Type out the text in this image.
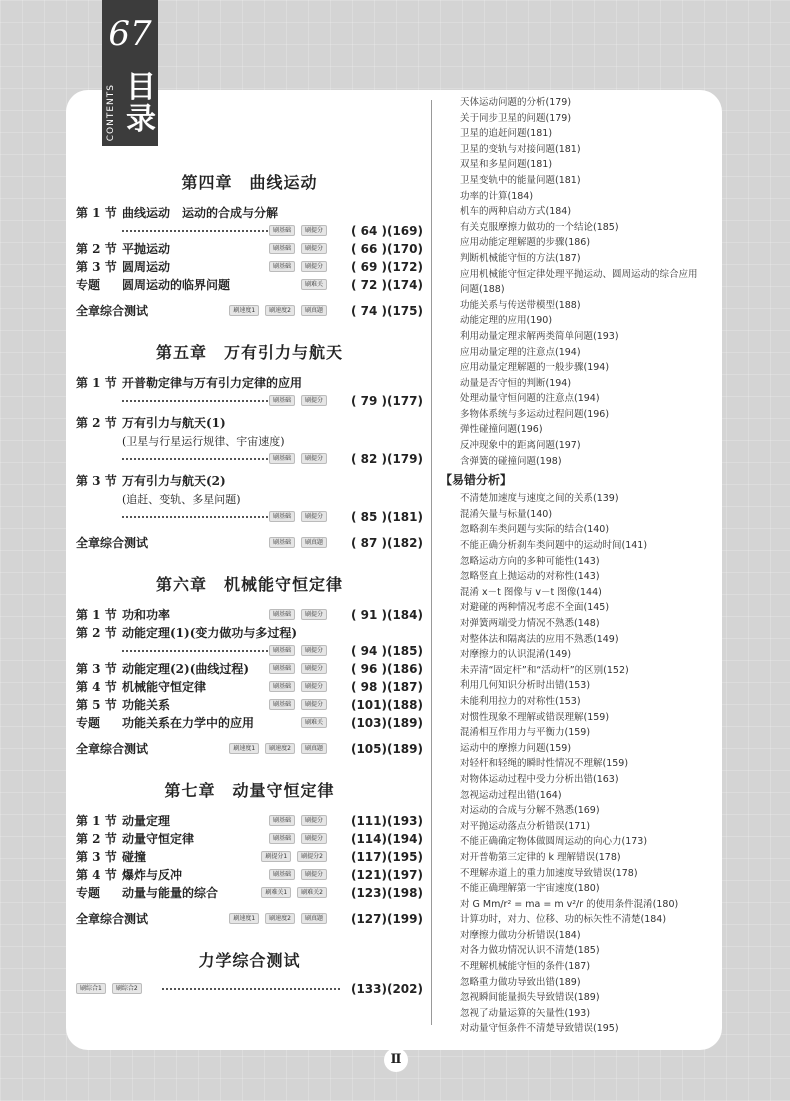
67
CONTENTS 目录
第四章　曲线运动
第 1 节 曲线运动　运动的合成与分解
刷基础 刷提分	( 64 )(169)
第 2 节 平抛运动	刷基础 刷提分	( 66 )(170)
第 3 节 圆周运动	刷基础 刷提分	( 69 )(172)
专题 圆周运动的临界问题	刷难关	( 72 )(174)
全章综合测试	刷速度1 刷速度2 刷真题	( 74 )(175)
第五章　万有引力与航天
第 1 节 开普勒定律与万有引力定律的应用
刷基础 刷提分	( 79 )(177)
第 2 节 万有引力与航天(1)
(卫星与行星运行规律、宇宙速度)
刷基础 刷提分	( 82 )(179)
第 3 节 万有引力与航天(2)
(追赶、变轨、多星问题)
刷基础 刷提分	( 85 )(181)
全章综合测试	刷基础 刷真题	( 87 )(182)
第六章　机械能守恒定律
第 1 节 功和功率	刷基础 刷提分	( 91 )(184)
第 2 节 动能定理(1)(变力做功与多过程)
刷基础 刷提分	( 94 )(185)
第 3 节 动能定理(2)(曲线过程)	刷基础 刷提分	( 96 )(186)
第 4 节 机械能守恒定律	刷基础 刷提分	( 98 )(187)
第 5 节 功能关系	刷基础 刷提分	(101)(188)
专题 功能关系在力学中的应用	刷难关	(103)(189)
全章综合测试	刷速度1 刷速度2 刷真题	(105)(189)
第七章　动量守恒定律
第 1 节 动量定理	刷基础 刷提分	(111)(193)
第 2 节 动量守恒定律	刷基础 刷提分	(114)(194)
第 3 节 碰撞	刷提分1 刷提分2	(117)(195)
第 4 节 爆炸与反冲	刷基础 刷提分	(121)(197)
专题 动量与能量的综合	刷难关1 刷难关2	(123)(198)
全章综合测试	刷速度1 刷速度2 刷真题	(127)(199)
力学综合测试
刷综合1 刷综合2	(133)(202)
天体运动问题的分析(179)
关于同步卫星的问题(179)
卫星的追赶问题(181)
卫星的变轨与对接问题(181)
双星和多星问题(181)
卫星变轨中的能量问题(181)
功率的计算(184)
机车的两种启动方式(184)
有关克服摩擦力做功的一个结论(185)
应用动能定理解题的步骤(186)
判断机械能守恒的方法(187)
应用机械能守恒定律处理平抛运动、圆周运动的综合应用
问题(188)
功能关系与传送带模型(188)
动能定理的应用(190)
利用动量定理求解两类简单问题(193)
应用动量定理的注意点(194)
应用动量定理解题的一般步骤(194)
动量是否守恒的判断(194)
处理动量守恒问题的注意点(194)
多物体系统与多运动过程问题(196)
弹性碰撞问题(196)
反冲现象中的距离问题(197)
含弹簧的碰撞问题(198)
【易错分析】
不清楚加速度与速度之间的关系(139)
混淆矢量与标量(140)
忽略刹车类问题与实际的结合(140)
不能正确分析刹车类问题中的运动时间(141)
忽略运动方向的多种可能性(143)
忽略竖直上抛运动的对称性(143)
混淆 x－t 图像与 v－t 图像(144)
对避碰的两种情况考虑不全面(145)
对弹簧两端受力情况不熟悉(148)
对整体法和隔离法的应用不熟悉(149)
对摩擦力的认识混淆(149)
未弄清“固定杆”和“活动杆”的区别(152)
利用几何知识分析时出错(153)
未能利用拉力的对称性(153)
对惯性现象不理解或错误理解(159)
混淆相互作用力与平衡力(159)
运动中的摩擦力问题(159)
对轻杆和轻绳的瞬时性情况不理解(159)
对物体运动过程中受力分析出错(163)
忽视运动过程出错(164)
对运动的合成与分解不熟悉(169)
对平抛运动落点分析错误(171)
不能正确确定物体做圆周运动的向心力(173)
对开普勒第三定律的 k 理解错误(178)
不理解赤道上的重力加速度导致错误(178)
不能正确理解第一宇宙速度(180)
对 G Mm/r² = ma = m v²/r 的使用条件混淆(180)
计算功时，对力、位移、功的标矢性不清楚(184)
对摩擦力做功分析错误(184)
对各力做功情况认识不清楚(185)
不理解机械能守恒的条件(187)
忽略重力做功导致出错(189)
忽视瞬间能量损失导致错误(189)
忽视了动量运算的矢量性(193)
对动量守恒条件不清楚导致错误(195)
Ⅱ
